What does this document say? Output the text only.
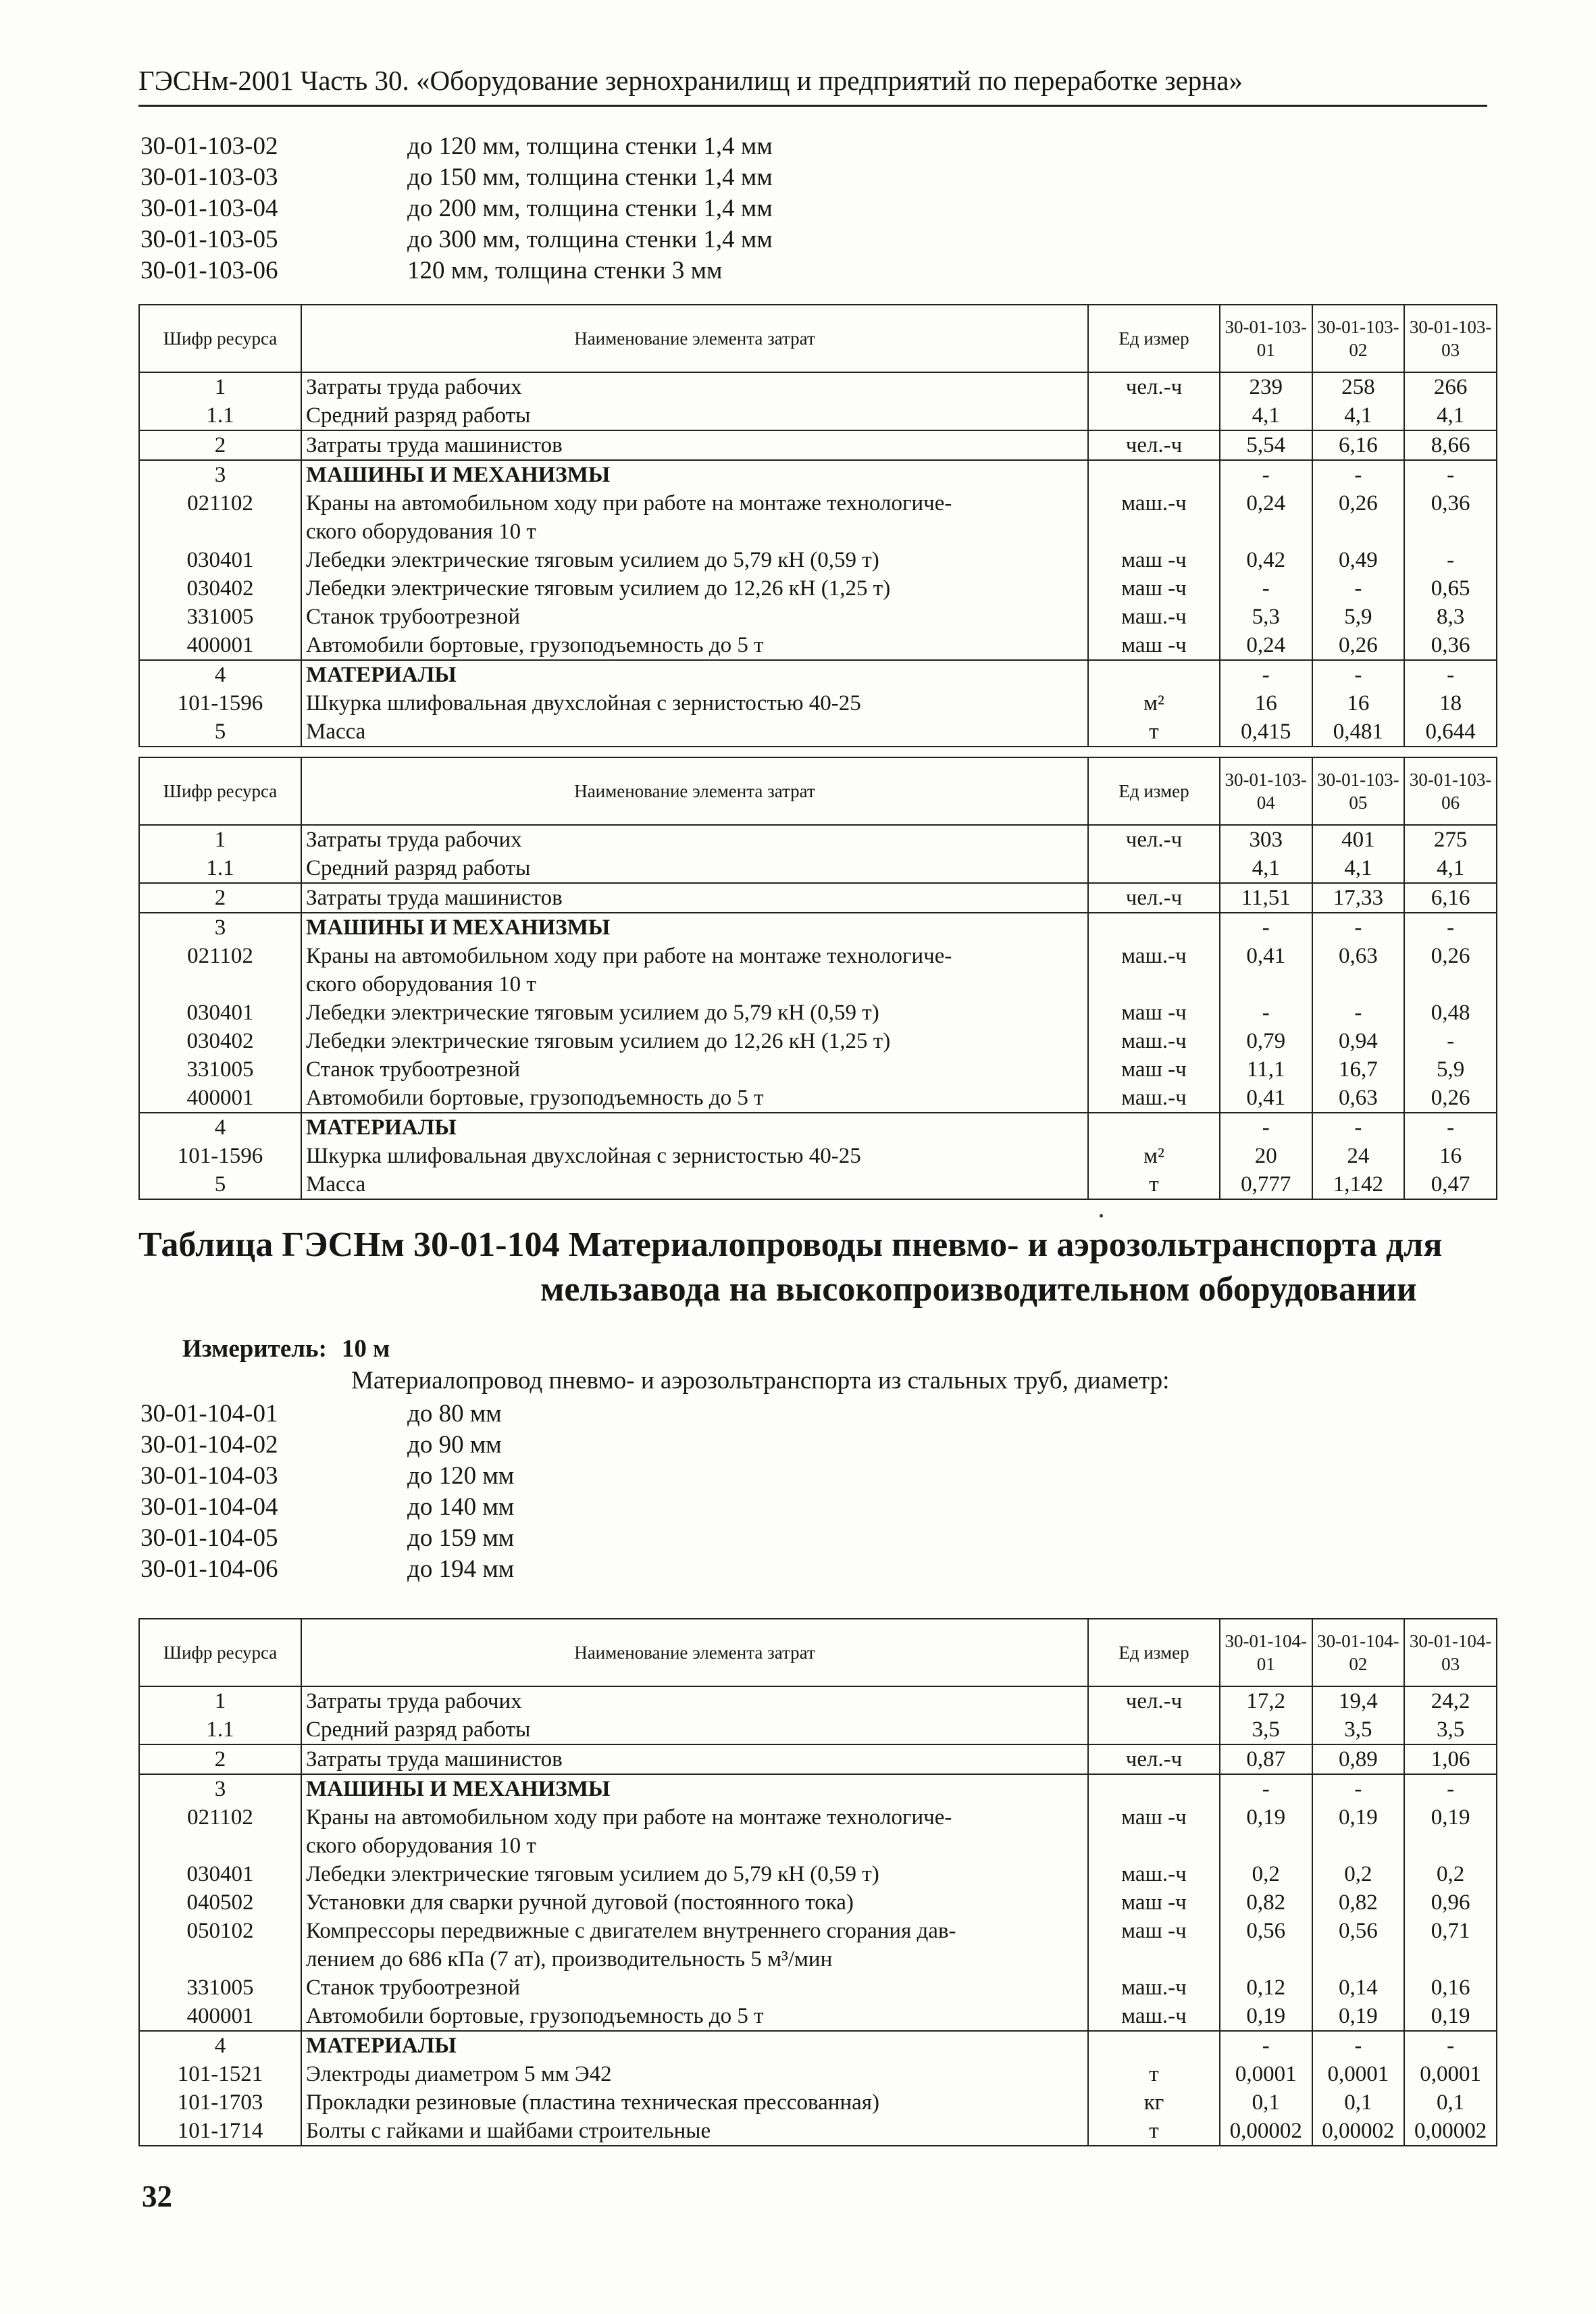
ГЭСНм-2001 Часть 30. «Оборудование зернохранилищ и предприятий по переработке зерна»
30-01-103-02	до 120 мм, толщина стенки 1,4 мм
30-01-103-03	до 150 мм, толщина стенки 1,4 мм
30-01-103-04	до 200 мм, толщина стенки 1,4 мм
30-01-103-05	до 300 мм, толщина стенки 1,4 мм
30-01-103-06	120 мм, толщина стенки 3 мм
Шифр ресурса	Наименование элемента затрат	Ед измер	30-01-103-01	30-01-103-02	30-01-103-03
1	Затраты труда рабочих	чел.-ч	239	258	266
1.1	Средний разряд работы		4,1	4,1	4,1
2	Затраты труда машинистов	чел.-ч	5,54	6,16	8,66
3	МАШИНЫ И МЕХАНИЗМЫ		-	-	-
021102	Краны на автомобильном ходу при работе на монтаже технологиче-
ского оборудования 10 т	маш.-ч	0,24	0,26	0,36
030401	Лебедки электрические тяговым усилием до 5,79 кН (0,59 т)	маш -ч	0,42	0,49	-
030402	Лебедки электрические тяговым усилием до 12,26 кН (1,25 т)	маш -ч	-	-	0,65
331005	Станок трубоотрезной	маш.-ч	5,3	5,9	8,3
400001	Автомобили бортовые, грузоподъемность до 5 т	маш -ч	0,24	0,26	0,36
4	МАТЕРИАЛЫ		-	-	-
101-1596	Шкурка шлифовальная двухслойная с зернистостью 40-25	м²	16	16	18
5	Масса	т	0,415	0,481	0,644
Шифр ресурса	Наименование элемента затрат	Ед измер	30-01-103-04	30-01-103-05	30-01-103-06
1	Затраты труда рабочих	чел.-ч	303	401	275
1.1	Средний разряд работы		4,1	4,1	4,1
2	Затраты труда машинистов	чел.-ч	11,51	17,33	6,16
3	МАШИНЫ И МЕХАНИЗМЫ		-	-	-
021102	Краны на автомобильном ходу при работе на монтаже технологиче-
ского оборудования 10 т	маш.-ч	0,41	0,63	0,26
030401	Лебедки электрические тяговым усилием до 5,79 кН (0,59 т)	маш -ч	-	-	0,48
030402	Лебедки электрические тяговым усилием до 12,26 кН (1,25 т)	маш.-ч	0,79	0,94	-
331005	Станок трубоотрезной	маш -ч	11,1	16,7	5,9
400001	Автомобили бортовые, грузоподъемность до 5 т	маш.-ч	0,41	0,63	0,26
4	МАТЕРИАЛЫ		-	-	-
101-1596	Шкурка шлифовальная двухслойная с зернистостью 40-25	м²	20	24	16
5	Масса	т	0,777	1,142	0,47
Таблица ГЭСНм 30-01-104 Материалопроводы пневмо- и аэрозольтранспорта для
мельзавода на высокопроизводительном оборудовании
Измеритель: 10 м
Материалопровод пневмо- и аэрозольтранспорта из стальных труб, диаметр:
30-01-104-01	до 80 мм
30-01-104-02	до 90 мм
30-01-104-03	до 120 мм
30-01-104-04	до 140 мм
30-01-104-05	до 159 мм
30-01-104-06	до 194 мм
Шифр ресурса	Наименование элемента затрат	Ед измер	30-01-104-01	30-01-104-02	30-01-104-03
1	Затраты труда рабочих	чел.-ч	17,2	19,4	24,2
1.1	Средний разряд работы		3,5	3,5	3,5
2	Затраты труда машинистов	чел.-ч	0,87	0,89	1,06
3	МАШИНЫ И МЕХАНИЗМЫ		-	-	-
021102	Краны на автомобильном ходу при работе на монтаже технологиче-
ского оборудования 10 т	маш -ч	0,19	0,19	0,19
030401	Лебедки электрические тяговым усилием до 5,79 кН (0,59 т)	маш.-ч	0,2	0,2	0,2
040502	Установки для сварки ручной дуговой (постоянного тока)	маш -ч	0,82	0,82	0,96
050102	Компрессоры передвижные с двигателем внутреннего сгорания дав-
лением до 686 кПа (7 ат), производительность 5 м³/мин	маш -ч	0,56	0,56	0,71
331005	Станок трубоотрезной	маш.-ч	0,12	0,14	0,16
400001	Автомобили бортовые, грузоподъемность до 5 т	маш.-ч	0,19	0,19	0,19
4	МАТЕРИАЛЫ		-	-	-
101-1521	Электроды диаметром 5 мм Э42	т	0,0001	0,0001	0,0001
101-1703	Прокладки резиновые (пластина техническая прессованная)	кг	0,1	0,1	0,1
101-1714	Болты с гайками и шайбами строительные	т	0,00002	0,00002	0,00002
32
